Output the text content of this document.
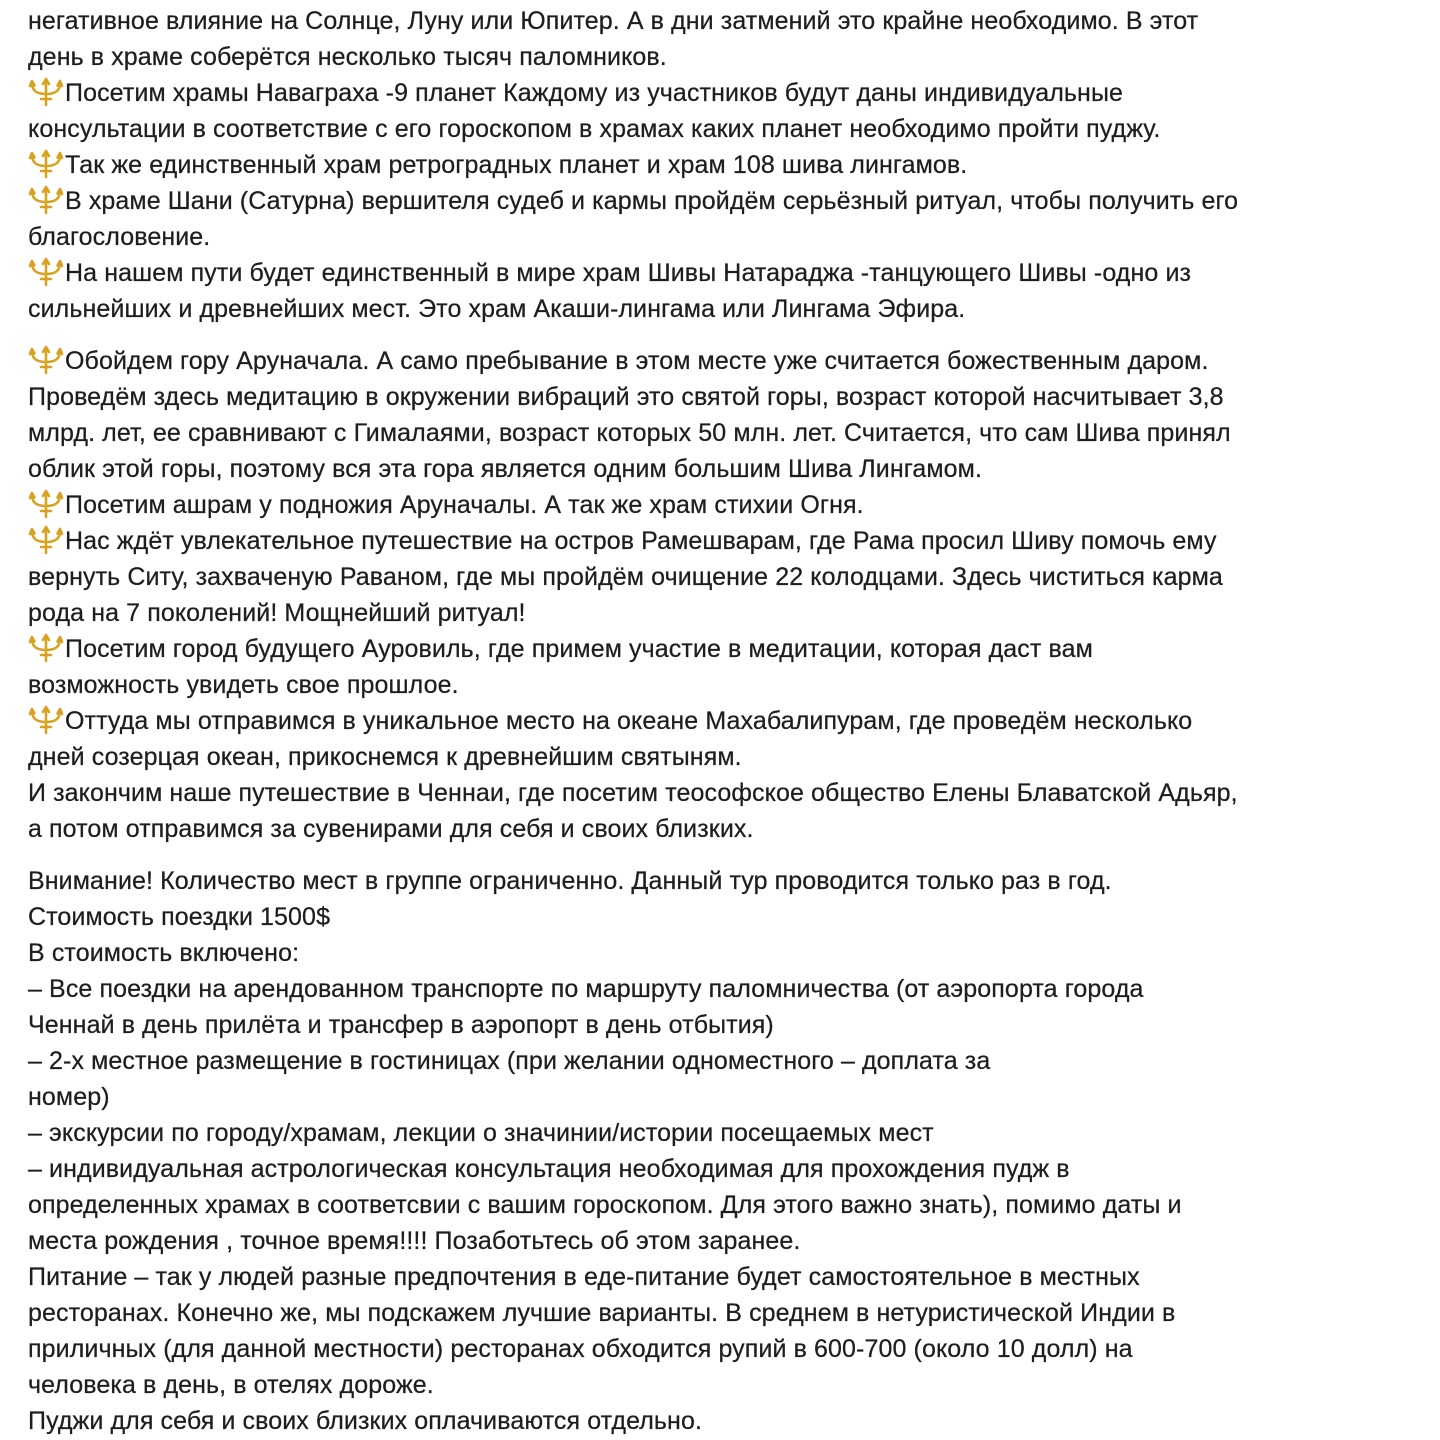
негативное влияние на Солнце, Луну или Юпитер. А в дни затмений это крайне необходимо. В этот
день в храме соберётся несколько тысяч паломников.
Посетим храмы Наваграха -9 планет Каждому из участников будут даны индивидуальные
консультации в соответствие с его гороскопом в храмах каких планет необходимо пройти пуджу.
Так же единственный храм ретроградных планет и храм 108 шива лингамов.
В храме Шани (Сатурна) вершителя судеб и кармы пройдём серьёзный ритуал, чтобы получить его
благословение.
На нашем пути будет единственный в мире храм Шивы Натараджа -танцующего Шивы -одно из
сильнейших и древнейших мест. Это храм Акаши-лингама или Лингама Эфира.
Обойдем гору Аруначала. А само пребывание в этом месте уже считается божественным даром.
Проведём здесь медитацию в окружении вибраций это святой горы, возраст которой насчитывает 3,8
млрд. лет, ее сравнивают с Гималаями, возраст которых 50 млн. лет. Считается, что сам Шива принял
облик этой горы, поэтому вся эта гора является одним большим Шива Лингамом.
Посетим ашрам у подножия Аруначалы. А так же храм стихии Огня.
Нас ждёт увлекательное путешествие на остров Рамешварам, где Рама просил Шиву помочь ему
вернуть Ситу, захваченую Раваном, где мы пройдём очищение 22 колодцами. Здесь чиститься карма
рода на 7 поколений! Мощнейший ритуал!
Посетим город будущего Ауровиль, где примем участие в медитации, которая даст вам
возможность увидеть свое прошлое.
Оттуда мы отправимся в уникальное место на океане Махабалипурам, где проведём несколько
дней созерцая океан, прикоснемся к древнейшим святыням.
И закончим наше путешествие в Ченнаи, где посетим теософское общество Елены Блаватской Адьяр,
а потом отправимся за сувенирами для себя и своих близких.
Внимание! Количество мест в группе ограниченно. Данный тур проводится только раз в год.
Стоимость поездки 1500$
В стоимость включено:
– Все поездки на арендованном транспорте по маршруту паломничества (от аэропорта города
Ченнай в день прилёта и трансфер в аэропорт в день отбытия)
– 2-х местное размещение в гостиницах (при желании одноместного – доплата за
номер)
– экскурсии по городу/храмам, лекции о значинии/истории посещаемых мест
– индивидуальная астрологическая консультация необходимая для прохождения пудж в
определенных храмах в соответсвии с вашим гороскопом. Для этого важно знать), помимо даты и
места рождения , точное время!!!! Позаботьтесь об этом заранее.
Питание – так у людей разные предпочтения в еде-питание будет самостоятельное в местных
ресторанах. Конечно же, мы подскажем лучшие варианты. В среднем в нетуристической Индии в
приличных (для данной местности) ресторанах обходится рупий в 600-700 (около 10 долл) на
человека в день, в отелях дороже.
Пуджи для себя и своих близких оплачиваются отдельно.
